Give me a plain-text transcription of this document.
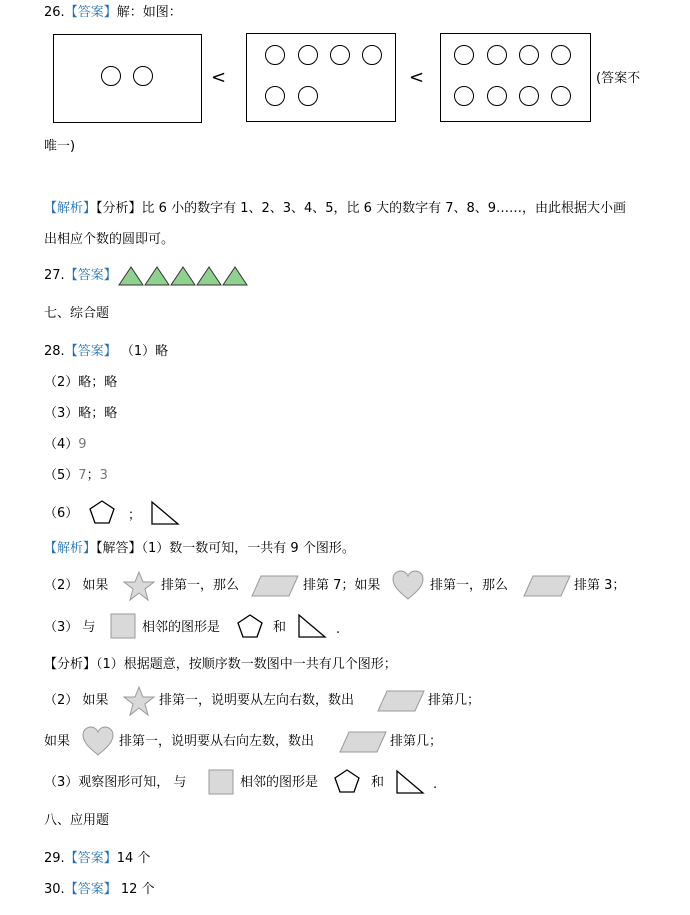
26.【答案】解：如图：
<	<	(答案不
唯一)
【解析】【分析】比 6 小的数字有 1、2、3、4、5，比 6 大的数字有 7、8、9……，由此根据大小画
出相应个数的圆即可。
27.【答案】
七、综合题
28.【答案】 （1）略
（2）略；略
（3）略；略
（4）9
（5）7；3
（6）	；
【解析】【解答】（1）数一数可知，一共有 9 个图形。
（2） 如果	排第一，那么	排第 7；如果	排第一，那么	排第 3；
（3） 与	相邻的图形是	和	.
【分析】（1）根据题意，按顺序数一数图中一共有几个图形；
（2） 如果	排第一，说明要从左向右数，数出	排第几；
如果	排第一，说明要从右向左数，数出	排第几；
（3）观察图形可知， 与	相邻的图形是	和	.
八、应用题
29.【答案】14 个
30.【答案】 12 个
